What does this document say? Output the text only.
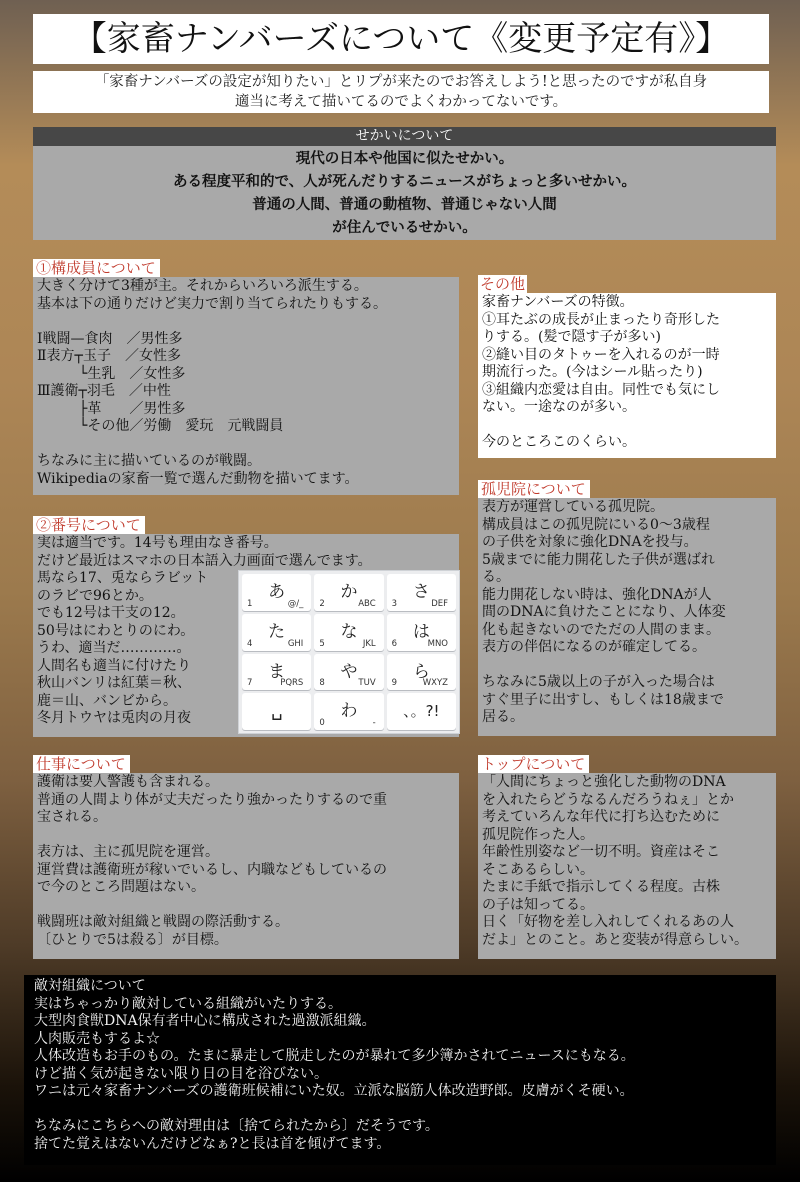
【家畜ナンバーズについて《変更予定有》】
「家畜ナンバーズの設定が知りたい」とリプが来たのでお答えしよう!と思ったのですが私自身
適当に考えて描いてるのでよくわかってないです。
せかいについて
現代の日本や他国に似たせかい。
ある程度平和的で、人が死んだりするニュースがちょっと多いせかい。
普通の人間、普通の動植物、普通じゃない人間
が住んでいるせかい。
①構成員について
大きく分けて3種が主。それからいろいろ派生する。
基本は下の通りだけど実力で割り当てられたりもする。
Ⅰ戦闘—食肉　／男性多
Ⅱ表方┬玉子　／女性多
　　　└生乳　／女性多
Ⅲ護衛┬羽毛　／中性
　　　├革　　／男性多
　　　└その他／労働　愛玩　元戦闘員
ちなみに主に描いているのが戦闘。
Wikipediaの家畜一覧で選んだ動物を描いてます。
②番号について
実は適当です。14号も理由なき番号。
だけど最近はスマホの日本語入力画面で選んでます。
馬なら17、兎ならラビット
のラビで96とか。
でも12号は干支の12。
50号はにわとりのにわ。
うわ、適当だ…………。
人間名も適当に付けたり
秋山バンリは紅葉＝秋、
鹿＝山、バンビから。
冬月トウヤは兎肉の月夜
あ
1	@/_
か
2	ABC
さ
3	DEF
た
4	GHI
な
5	JKL
は
6	MNO
ま
7	PQRS
や
8	TUV
ら
9	WXYZ
␣	わ
0	-
、。?!
その他
家畜ナンバーズの特徴。
①耳たぶの成長が止まったり奇形した
りする。(髪で隠す子が多い)
②縫い目のタトゥーを入れるのが一時
期流行った。(今はシール貼ったり)
③組織内恋愛は自由。同性でも気にし
ない。一途なのが多い。
今のところこのくらい。
孤児院について
表方が運営している孤児院。
構成員はこの孤児院にいる0～3歳程
の子供を対象に強化DNAを投与。
5歳までに能力開花した子供が選ばれ
る。
能力開花しない時は、強化DNAが人
間のDNAに負けたことになり、人体変
化も起きないのでただの人間のまま。
表方の伴侶になるのが確定してる。
ちなみに5歳以上の子が入った場合は
すぐ里子に出すし、もしくは18歳まで
居る。
仕事について
護衛は要人警護も含まれる。
普通の人間より体が丈夫だったり強かったりするので重
宝される。
表方は、主に孤児院を運営。
運営費は護衛班が稼いでいるし、内職などもしているの
で今のところ問題はない。
戦闘班は敵対組織と戦闘の際活動する。
〔ひとりで5は殺る〕が目標。
トップについて
「人間にちょっと強化した動物のDNA
を入れたらどうなるんだろうねぇ」とか
考えていろんな年代に打ち込むために
孤児院作った人。
年齢性別姿など一切不明。資産はそこ
そこあるらしい。
たまに手紙で指示してくる程度。古株
の子は知ってる。
日く「好物を差し入れしてくれるあの人
だよ」とのこと。あと変装が得意らしい。
敵対組織について
実はちゃっかり敵対している組織がいたりする。
大型肉食獣DNA保有者中心に構成された過激派組織。
人肉販売もするよ☆
人体改造もお手のもの。たまに暴走して脱走したのが暴れて多少簿かされてニュースにもなる。
けど描く気が起きない限り日の目を浴びない。
ワニは元々家畜ナンバーズの護衛班候補にいた奴。立派な脳筋人体改造野郎。皮膚がくそ硬い。
ちなみにこちらへの敵対理由は〔捨てられたから〕だそうです。
捨てた覚えはないんだけどなぁ?と長は首を傾げてます。
